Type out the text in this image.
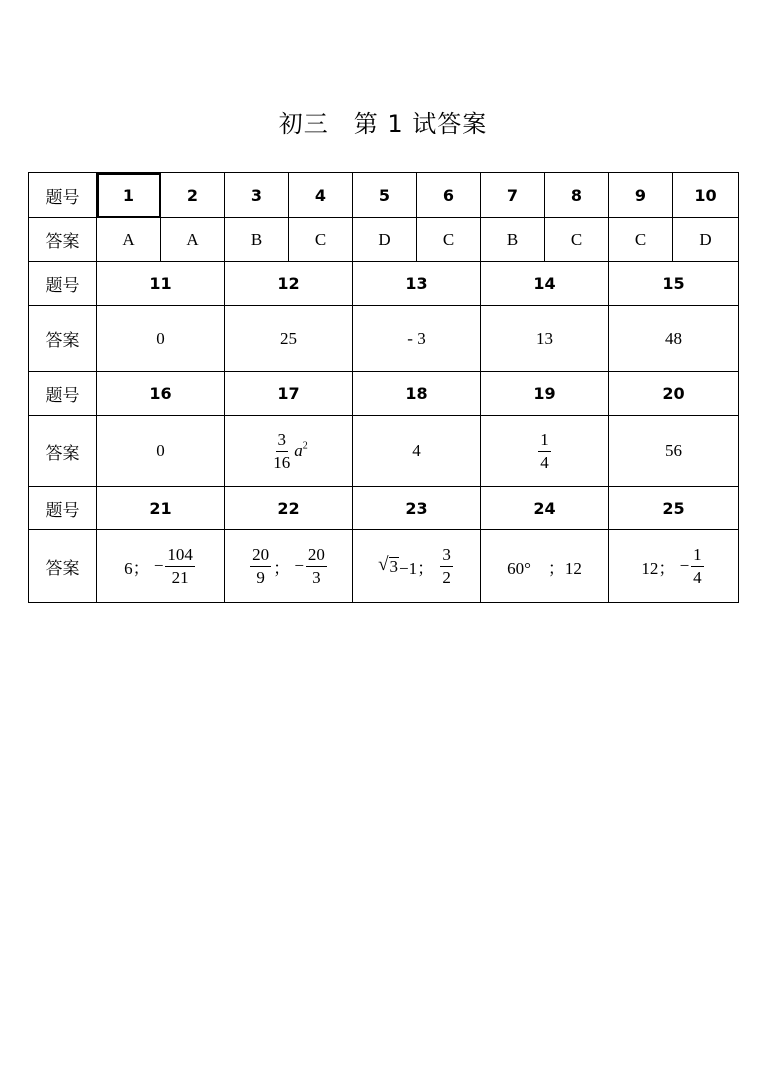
初三　第 1 试答案
题号	1	2	3	4	5	6	7	8	9	10
答案	A	A	B	C	D	C	B	C	C	D
题号	11		12		13		14		15	
答案	0		25		- 3		13		48	
题号	16		17		18		19		20	
答案	0		$\frac{3}{16} a^2$		4		$\frac{1}{4}$		56	
题号	21		22		23		24		25	
答案	6； − $\frac{104}{21}$		$\frac{20}{9}$ ； − $\frac{20}{3}$		√ 3 −1； $\frac{3}{2}$		60°　；12		12； − $\frac{1}{4}$
